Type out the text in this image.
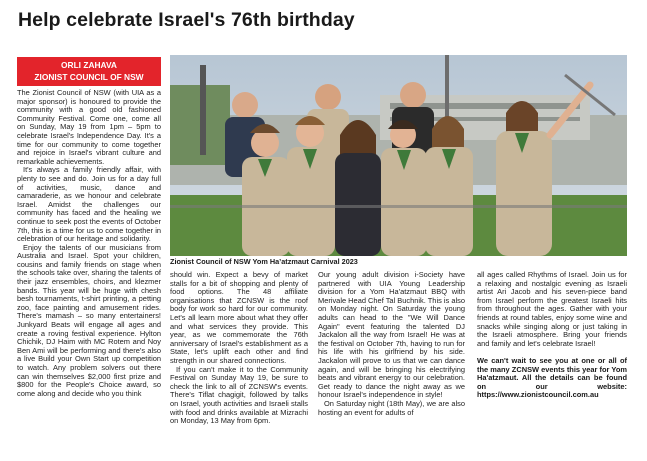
Help celebrate Israel's 76th birthday
ORLI ZAHAVA
ZIONIST COUNCIL OF NSW

The Zionist Council of NSW (with UIA as a major sponsor) is honoured to provide the community with a good old fashioned Community Festival. Come one, come all on Sunday, May 19 from 1pm – 5pm to celebrate Israel's Independence Day. It's a time for our community to come together and rejoice in Israel's vibrant culture and remarkable achievements.

It's always a family friendly affair, with plenty to see and do. Join us for a day full of activities, music, dance and camaraderie, as we honour and celebrate Israel. Amidst the challenges our community has faced and the healing we continue to seek post the events of October 7th, this is a time for us to come together in celebration of our heritage and solidarity.

Enjoy the talents of our musicians from Australia and Israel. Spot your children, cousins and family friends on stage when the schools take over, sharing the talents of their jazz ensembles, choirs, and klezmer bands. This year will be huge with chesh besh tournaments, t-shirt printing, a petting zoo, face painting and amusement rides. There's mamash – so many entertainers! Junkyard Beats will engage all ages and create a roving festival experience. Hylton Chichik, DJ Haim with MC Rotem and Noy Ben Ami will be performing and there's also a live Build your Own Start up competition to watch. Any problem solvers out there can win themselves $2,000 first prize and $800 for the People's Choice award, so come along and decide who you think

Zionist Council of NSW Yom Ha’atzmaut Carnival 2023

should win. Expect a bevy of market stalls for a bit of shopping and plenty of food options. The 48 affiliate organisations that ZCNSW is the roof body for work so hard for our community. Let's all learn more about what they offer and what services they provide. This year, as we commemorate the 76th anniversary of Israel's establishment as a State, let's uplift each other and find strength in our shared connections.

If you can't make it to the Community Festival on Sunday May 19, be sure to check the link to all of ZCNSW's events. There's Tiflat chagigit, followed by talks on Israel, youth activities and Israeli stalls with food and drinks available at Mizrachi on Monday, 13 May from 6pm.

Our young adult division i-Society have partnered with UIA Young Leadership division for a Yom Ha'atzmaut BBQ with Merivale Head Chef Tal Buchnik. This is also on Monday night. On Saturday the young adults can head to the "We Will Dance Again" event featuring the talented DJ Jackalon all the way from Israel! He was at the festival on October 7th, having to run for his life with his girlfriend by his side. Jackalon will prove to us that we can dance again, and will be bringing his electrifying beats and vibrant energy to our celebration. Get ready to dance the night away as we honour Israel's independence in style!

On Saturday night (18th May), we are also hosting an event for adults of

all ages called Rhythms of Israel. Join us for a relaxing and nostalgic evening as Israeli artist Ari Jacob and his seven-piece band from Israel perform the greatest Israeli hits from throughout the ages. Gather with your friends at round tables, enjoy some wine and snacks while singing along or just taking in the Israeli atmosphere. Bring your friends and family and let's celebrate Israel!

We can't wait to see you at one or all of the many ZCNSW events this year for Yom Ha'atzmaut. All the details can be found on our website: https://www.zionistcouncil.com.au
